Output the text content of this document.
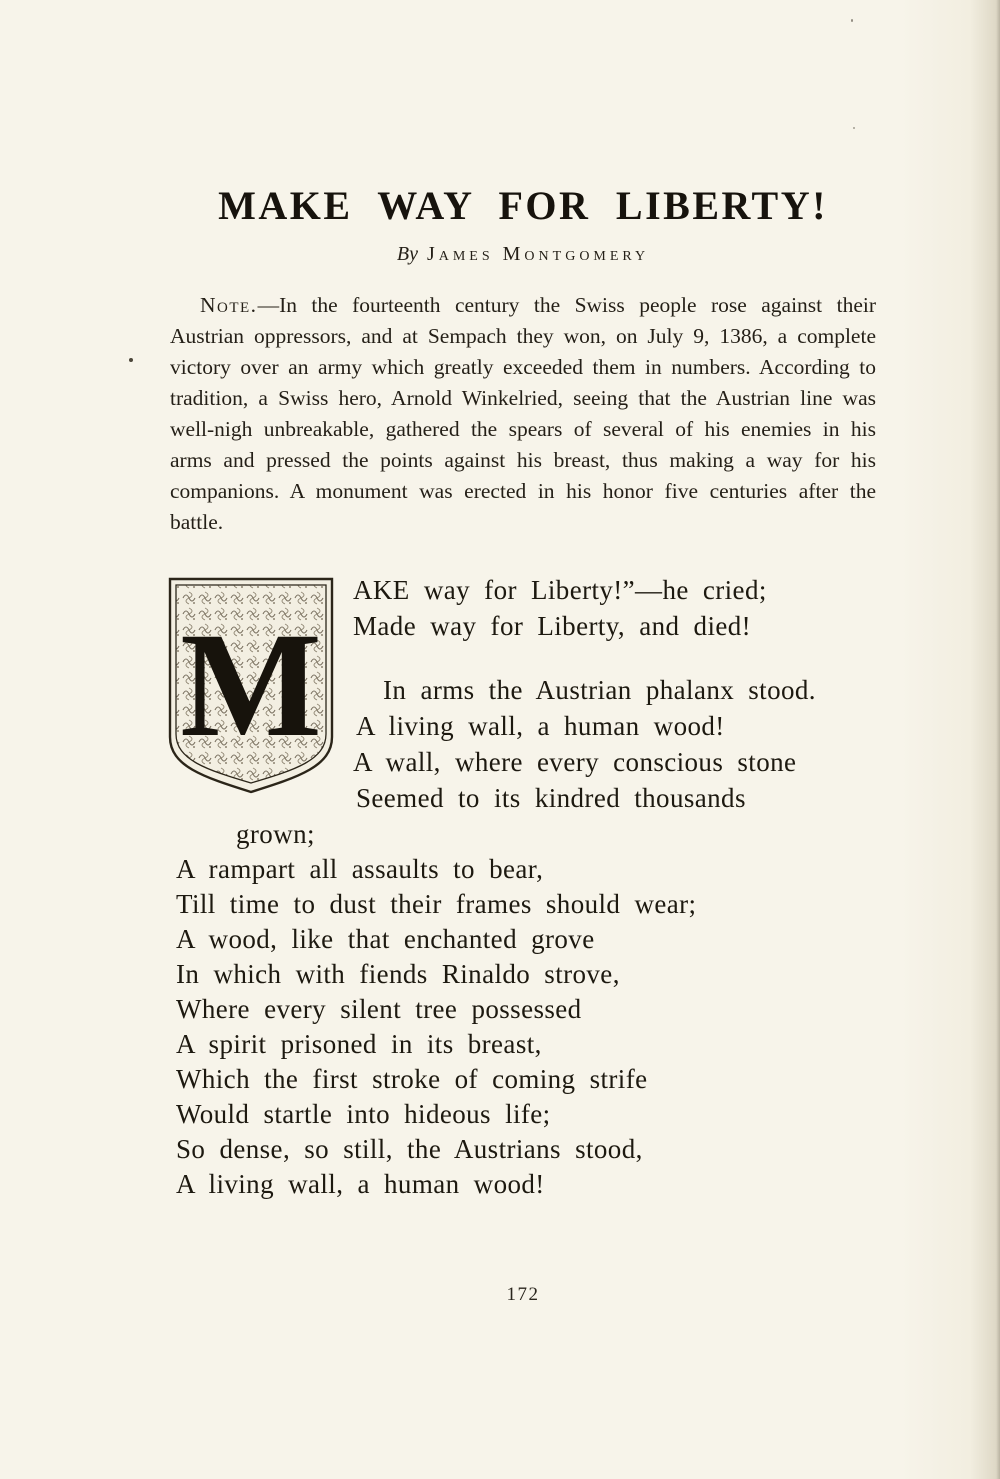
MAKE WAY FOR LIBERTY!
By James Montgomery

Note.—In the fourteenth century the Swiss people rose against their Austrian oppressors, and at Sempach they won, on July 9, 1386, a complete victory over an army which greatly exceeded them in numbers. According to tradition, a Swiss hero, Arnold Winkelried, seeing that the Austrian line was well-nigh unbreakable, gathered the spears of several of his enemies in his arms and pressed the points against his breast, thus making a way for his companions. A monument was erected in his honor five centuries after the battle.

M
AKE way for Liberty!”—he cried;
Made way for Liberty, and died!
In arms the Austrian phalanx stood.
A living wall, a human wood!
A wall, where every conscious stone
Seemed to its kindred thousands
grown;
A rampart all assaults to bear,
Till time to dust their frames should wear;
A wood, like that enchanted grove
In which with fiends Rinaldo strove,
Where every silent tree possessed
A spirit prisoned in its breast,
Which the first stroke of coming strife
Would startle into hideous life;
So dense, so still, the Austrians stood,
A living wall, a human wood!
172
